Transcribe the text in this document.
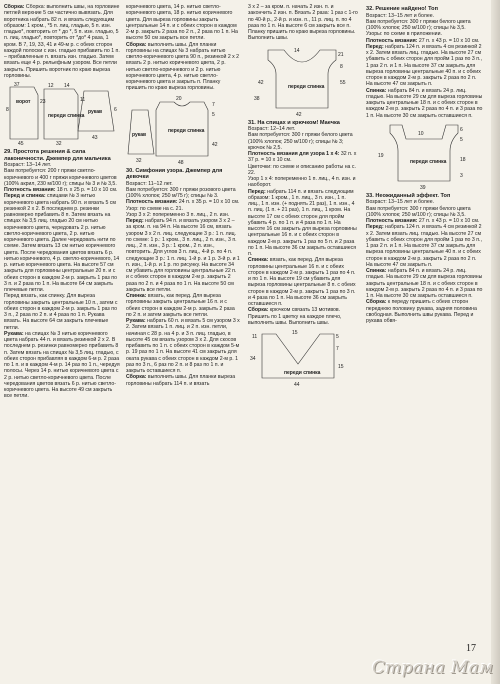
Сборка: Сборка: выполнить швы, на горловине петлей верхние 5 см частично вывязать. Для воротника набрать 82 п. и вязать следующим образом: 1 кром., *5 п. лиц. гладью, 5 п. изн. гладью*, повторить от * до *, 5 п. изн. гладью, 5 п. лиц. гладью*, повторить от *до* 4 раза, 1 кром. В 7, 19, 33, 41 и 49-м р. с обеих сторон каждой полоски с изн. гладью прибавить по 1 п. – прибавленные п. вязать изн. гладью. Затем вязать еще 4 р. рельефным узором. Все петли закрыть. Пришить воротник по краю выреза горловины.

37	12
23
8
11
6
14
ворот
рукав
переди спинка
45	32
43

29. Простота решения & сила лаконичности. Джемпер для мальчика

Возраст: 13–14 лет.

Вам потребуется: 200 г пряжи светло-коричневого и 400 г пряжи коричневого цветов (100% акрил, 230 м/100 г); спицы № 3 и № 3,5.

Плотность вязания: 18 п. х 25 р. = 10 х 10 см.

Перед и спинка: спицами № 3 нитью коричневого цвета набрать 90 п. и вязать 5 см резинкой 2 х 2. В последнем р. резинки равномерно прибавить 8 п. Затем вязать на спицах № 3,5 лиц. гладью 20 см нитью коричневого цвета, чередовать 2 р. нитью светло-коричневого цвета, 2 р. нитью коричневого цвета. Далее чередовать нити по схеме. Затем вязать 13 см нитью коричневого цвета. После чередования цветов вязать 6 р. нитью коричневого, 4 р. светло-коричневого, 14 р. нитью коричневого цвета. На высоте 57 см закрыть для горловины центральные 20 п. и с обеих сторон в каждом 2-м р. закрыть 1 раз по 3 п. и 2 раза по 1 п. На высоте 64 см закрыть плечевые петли.

Перед вязать, как спинку. Для выреза горловины закрыть центральные 10 п., затем с обеих сторон в каждом 2-м р. закрыть 1 раз по 3 п., 2 раза по 2 п. и 4 раза по 1 п. Рукава вязать. На высоте 64 см закрыть плечевые петли.

Рукава: на спицах № 3 нитью коричневого цвета набрать 44 п. и вязать резинкой 2 х 2. В последнем р. резинки равномерно прибавить 8 п. Затем вязать на спицах № 3,5 лиц. гладью, с обеих сторон прибавляя в каждом 6-м р. 2 раза по 1 п. и в каждом 4-м р. 14 раз по 1 п., чередуя полосы. Через 14 р. нитью коричневого цвета с 2 р. нитью светло-коричневого цвета. После чередования цветов вязать 6 р. нитью светло-коричневого цвета. На высоте 49 см закрыть все петли.

коричневого цвета, 14 р. нитью светло-коричневого цвета, 18 р. нитью коричневого цвета. Для выреза горловины закрыть центральные 14 п. и с обеих сторон в каждом 2-м р. закрыть 2 раза по 2 п., 2 раза по 1 п. На высоте 50 см закрыть все петли.

Сборка: выполнить швы. Для планки горловины на спицах № 3 набрать нитью светло-коричневого цвета 90 п., резинкой 2 х 2 вязать 2 р. нитью коричневого цвета, 2 р. нитью светло-коричневого и 2 р. нитью коричневого цвета, 4 р. нитью светло-коричневого цвета и закрыть п. Планку пришить по краю выреза горловины.

20
7
5
рукав
переди спинка
48
42
32

30. Симфония узора. Джемпер для девочки

Возраст: 11–12 лет.

Вам потребуется: 300 г пряжи розового цвета (100% хлопок; 250 м/75 г); спицы № 3.

Плотность вязания: 24 п. х 35 р. = 10 х 10 см.

Узор: по схеме на с. 21.

Узор 3 х 2: попеременно 3 п. лиц., 2 п. изн.

Перед: набрать 94 п. и вязать узором 3 х 2 – за кром. п. на 94 п. На высоте 16 см, вязать узором 3 х 2 п. лиц. следующие 3 р.: 1 п. лиц. по схеме: 1 р.: 1 кром., 3 п. лиц., 2 п. изн., 3 п. лиц., 2 п. изн., 3 р.: 1 кром., 2 п. изн., повторить. Для углов 3 п. лиц., 4-й р. по 4 п. следующие 3 р.: 1 п. лиц. 1-й р. и 1 р. 3-й р. и 1 п. изн., 1-й р. и 1 р. по рисунку. На высоте 34 см убавить для горловины центральные 22 п. и с обеих сторон в каждом 2-м р. закрыть 2 раза по 2 п. и 4 раза по 1 п. На высоте 50 см закрыть все петли.

Спинка: вязать, как перед. Для выреза горловины закрыть центральные 16 п. и с обеих сторон в каждом 2-м р. закрыть 2 раза по 2 п. и затем закрыть все петли.

Рукава: набрать 60 п. и вязать 5 см узором 3 х 2. Затем вязать 1 п. лиц. и 2 п. изн. петли, начиная с 28 р. на 4 р. и 3 п. лиц. гладью, в высоте 45 см вязать узором 3 х 2. Для скосов прибавить по 1 п. с обеих сторон в каждом 5-м р. 19 раз по 1 п. На высоте 41 см закрыть для оката рукава с обеих сторон в каждом 2-м р. 1 раз по 3 п., 6 раз по 2 п. и 8 раз по 1 п. и закрыть оставшиеся п.

Сборка: выполнить швы. Для планки выреза горловины набрать 114 п. и вязать

3 х 2 – за кром. п. начать 2 изн. п. и закончить 2 изн. п. Вязать 2 раза: 1 раз с 1-го по 40-й р., 2-й р. и изн. п., 11 р. лиц. п. по 4 раза по 1 п. На высоте 6 см закрыть все п. Планку пришить по краю выреза горловины. Выполнить швы.

14
21
55
переди спинка
42
42
38
8

31. На спицах и крючком! Маечка

Возраст: 12–14 лет.

Вам потребуется: 300 г пряжи белого цвета (100% хлопок; 250 м/100 г); спицы № 3; крючок № 2,5.

Плотность вязания для узора 1 х 4: 32 п. х 37 р. = 10 х 10 см.

Цветочки: по схеме и описанию работы на с. 22.

Узор 1 х 4: попеременно 1 п. лиц., 4 п. изн. и наоборот.

Перед: набрать 114 п. и вязать следующим образом: 1 кром., 1 п. лиц., 3 п. изн., 1 п. лиц., 1 п. изн. (+ поднять 21 раз), 1 п. изн., 4 п. лиц. (1 п. + 21 раз), 1 п. лиц., 1 кром. На высоте 17 см с обеих сторон для пройм убавить 4 р. по 1 п. и 4 раза по 1 п. На высоте 16 см закрыть для выреза горловины центральные 16 п. и с обеих сторон в каждом 2-м р. закрыть 1 раз по 5 п. и 2 раза по 1 п. На высоте 36 см закрыть оставшиеся п.

Спинка: вязать, как перед. Для выреза горловины центральные 16 п. и с обеих сторон в каждом 2-м р. закрыть 1 раз по 4 п. и по 1 п. На высоте 19 см убавить для выреза горловины центральные 8 п. с обеих сторон в каждом 2-м р. закрыть 1 раз по 3 п. и 4 раза по 1 п. На высоте 36 см закрыть оставшиеся п.

Сборка: крючком связать 13 мотивов. Пришить по 1 цветку на каждое плечо, выполнить швы. Выполнить швы.

11
34
15
5
7
переди спинка
44
15

32. Решение найдено! Топ

Возраст: 13–15 лет и более.

Вам потребуется: 300 г пряжи белого цвета (100% хлопок; 250 м/100 г); спицы № 3,5.

Узоры: по схеме в приложении.

Плотность вязания: 27 п. х 43 р. = 10 х 10 см.

Перед: набрать 124 п. и вязать 4 см резинкой 2 х 2. Затем вязать лиц. гладью. На высоте 27 см убавить с обеих сторон для пройм 1 раз по 3 п., 1 раз 2 п. и 1 п. На высоте 37 см закрыть для выреза горловины центральные 40 п. и с обеих сторон в каждом 2-м р. закрыть 2 раза по 2 п. На высоте 47 см закрыть п.

Спинка: набрать 84 п. и вязать 24 р. лиц. гладью. На высоте 29 см для выреза горловины закрыть центральные 18 п. и с обеих сторон в каждом 2-м р. закрыть 2 раза по 4 п. и 3 раза по 1 п. На высоте 30 см закрыть оставшиеся п.

10
6
5
19
переди спинка	18
3
39

33. Неожиданный эффект. Топ

Возраст: 13–15 лет и более.

Вам потребуется: 300 г пряжи белого цвета (100% хлопок; 250 м/100 г); спицы № 3,5.

Плотность вязания: 27 п. х 43 р. = 10 х 10 см.

Перед: набрать 124 п. и вязать 4 см резинкой 2 х 2. Затем вязать лиц. гладью. На высоте 27 см убавить с обеих сторон для пройм 1 раз по 3 п., 1 раз 2 п. и 1 п. На высоте 37 см закрыть для выреза горловины центральные 40 п. и с обеих сторон в каждом 2-м р. закрыть 2 раза по 2 п. На высоте 47 см закрыть п.

Спинка: набрать 84 п. и вязать 24 р. лиц. гладью. На высоте 29 см для выреза горловины закрыть центральные 18 п. и с обеих сторон в каждом 2-м р. закрыть 2 раза по 4 п. и 3 раза по 1 п. На высоте 30 см закрыть оставшиеся п.

Сборка: к переду пришить с обеих сторон переднюю половину рукава, задняя половина свободная. Выполнить швы рукава. Перед и рукава обвя-

17
Страна Мам
